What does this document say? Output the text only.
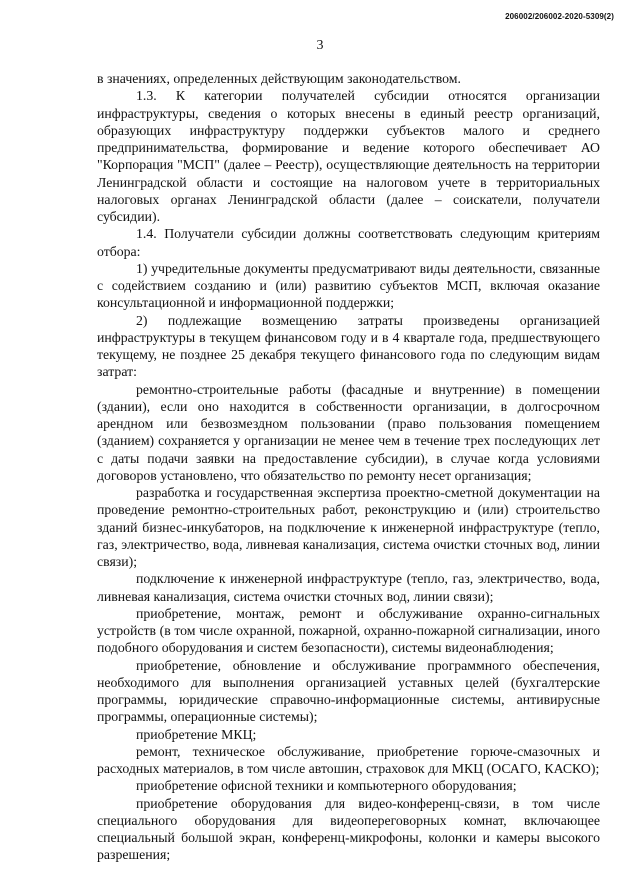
206002/206002-2020-5309(2)
3

в значениях, определенных действующим законодательством.

1.3. К категории получателей субсидии относятся организации инфраструктуры, сведения о которых внесены в единый реестр организаций, образующих инфраструктуру поддержки субъектов малого и среднего предпринимательства, формирование и ведение которого обеспечивает АО "Корпорация "МСП" (далее – Реестр), осуществляющие деятельность на территории Ленинградской области и состоящие на налоговом учете в территориальных налоговых органах Ленинградской области (далее – соискатели, получатели субсидии).

1.4. Получатели субсидии должны соответствовать следующим критериям отбора:

1) учредительные документы предусматривают виды деятельности, связанные с содействием созданию и (или) развитию субъектов МСП, включая оказание консультационной и информационной поддержки;

2) подлежащие возмещению затраты произведены организацией инфраструктуры в текущем финансовом году и в 4 квартале года, предшествующего текущему, не позднее 25 декабря текущего финансового года по следующим видам затрат:

ремонтно-строительные работы (фасадные и внутренние) в помещении (здании), если оно находится в собственности организации, в долгосрочном арендном или безвозмездном пользовании (право пользования помещением (зданием) сохраняется у организации не менее чем в течение трех последующих лет с даты подачи заявки на предоставление субсидии), в случае когда условиями договоров установлено, что обязательство по ремонту несет организация;

разработка и государственная экспертиза проектно-сметной документации на проведение ремонтно-строительных работ, реконструкцию и (или) строительство зданий бизнес-инкубаторов, на подключение к инженерной инфраструктуре (тепло, газ, электричество, вода, ливневая канализация, система очистки сточных вод, линии связи);

подключение к инженерной инфраструктуре (тепло, газ, электричество, вода, ливневая канализация, система очистки сточных вод, линии связи);

приобретение, монтаж, ремонт и обслуживание охранно-сигнальных устройств (в том числе охранной, пожарной, охранно-пожарной сигнализации, иного подобного оборудования и систем безопасности), системы видеонаблюдения;

приобретение, обновление и обслуживание программного обеспечения, необходимого для выполнения организацией уставных целей (бухгалтерские программы, юридические справочно-информационные системы, антивирусные программы, операционные системы);

приобретение МКЦ;

ремонт, техническое обслуживание, приобретение горюче-смазочных и расходных материалов, в том числе автошин, страховок для МКЦ (ОСАГО, КАСКО);

приобретение офисной техники и компьютерного оборудования;

приобретение оборудования для видео-конференц-связи, в том числе специального оборудования для видеопереговорных комнат, включающее специальный большой экран, конференц-микрофоны, колонки и камеры высокого разрешения;
